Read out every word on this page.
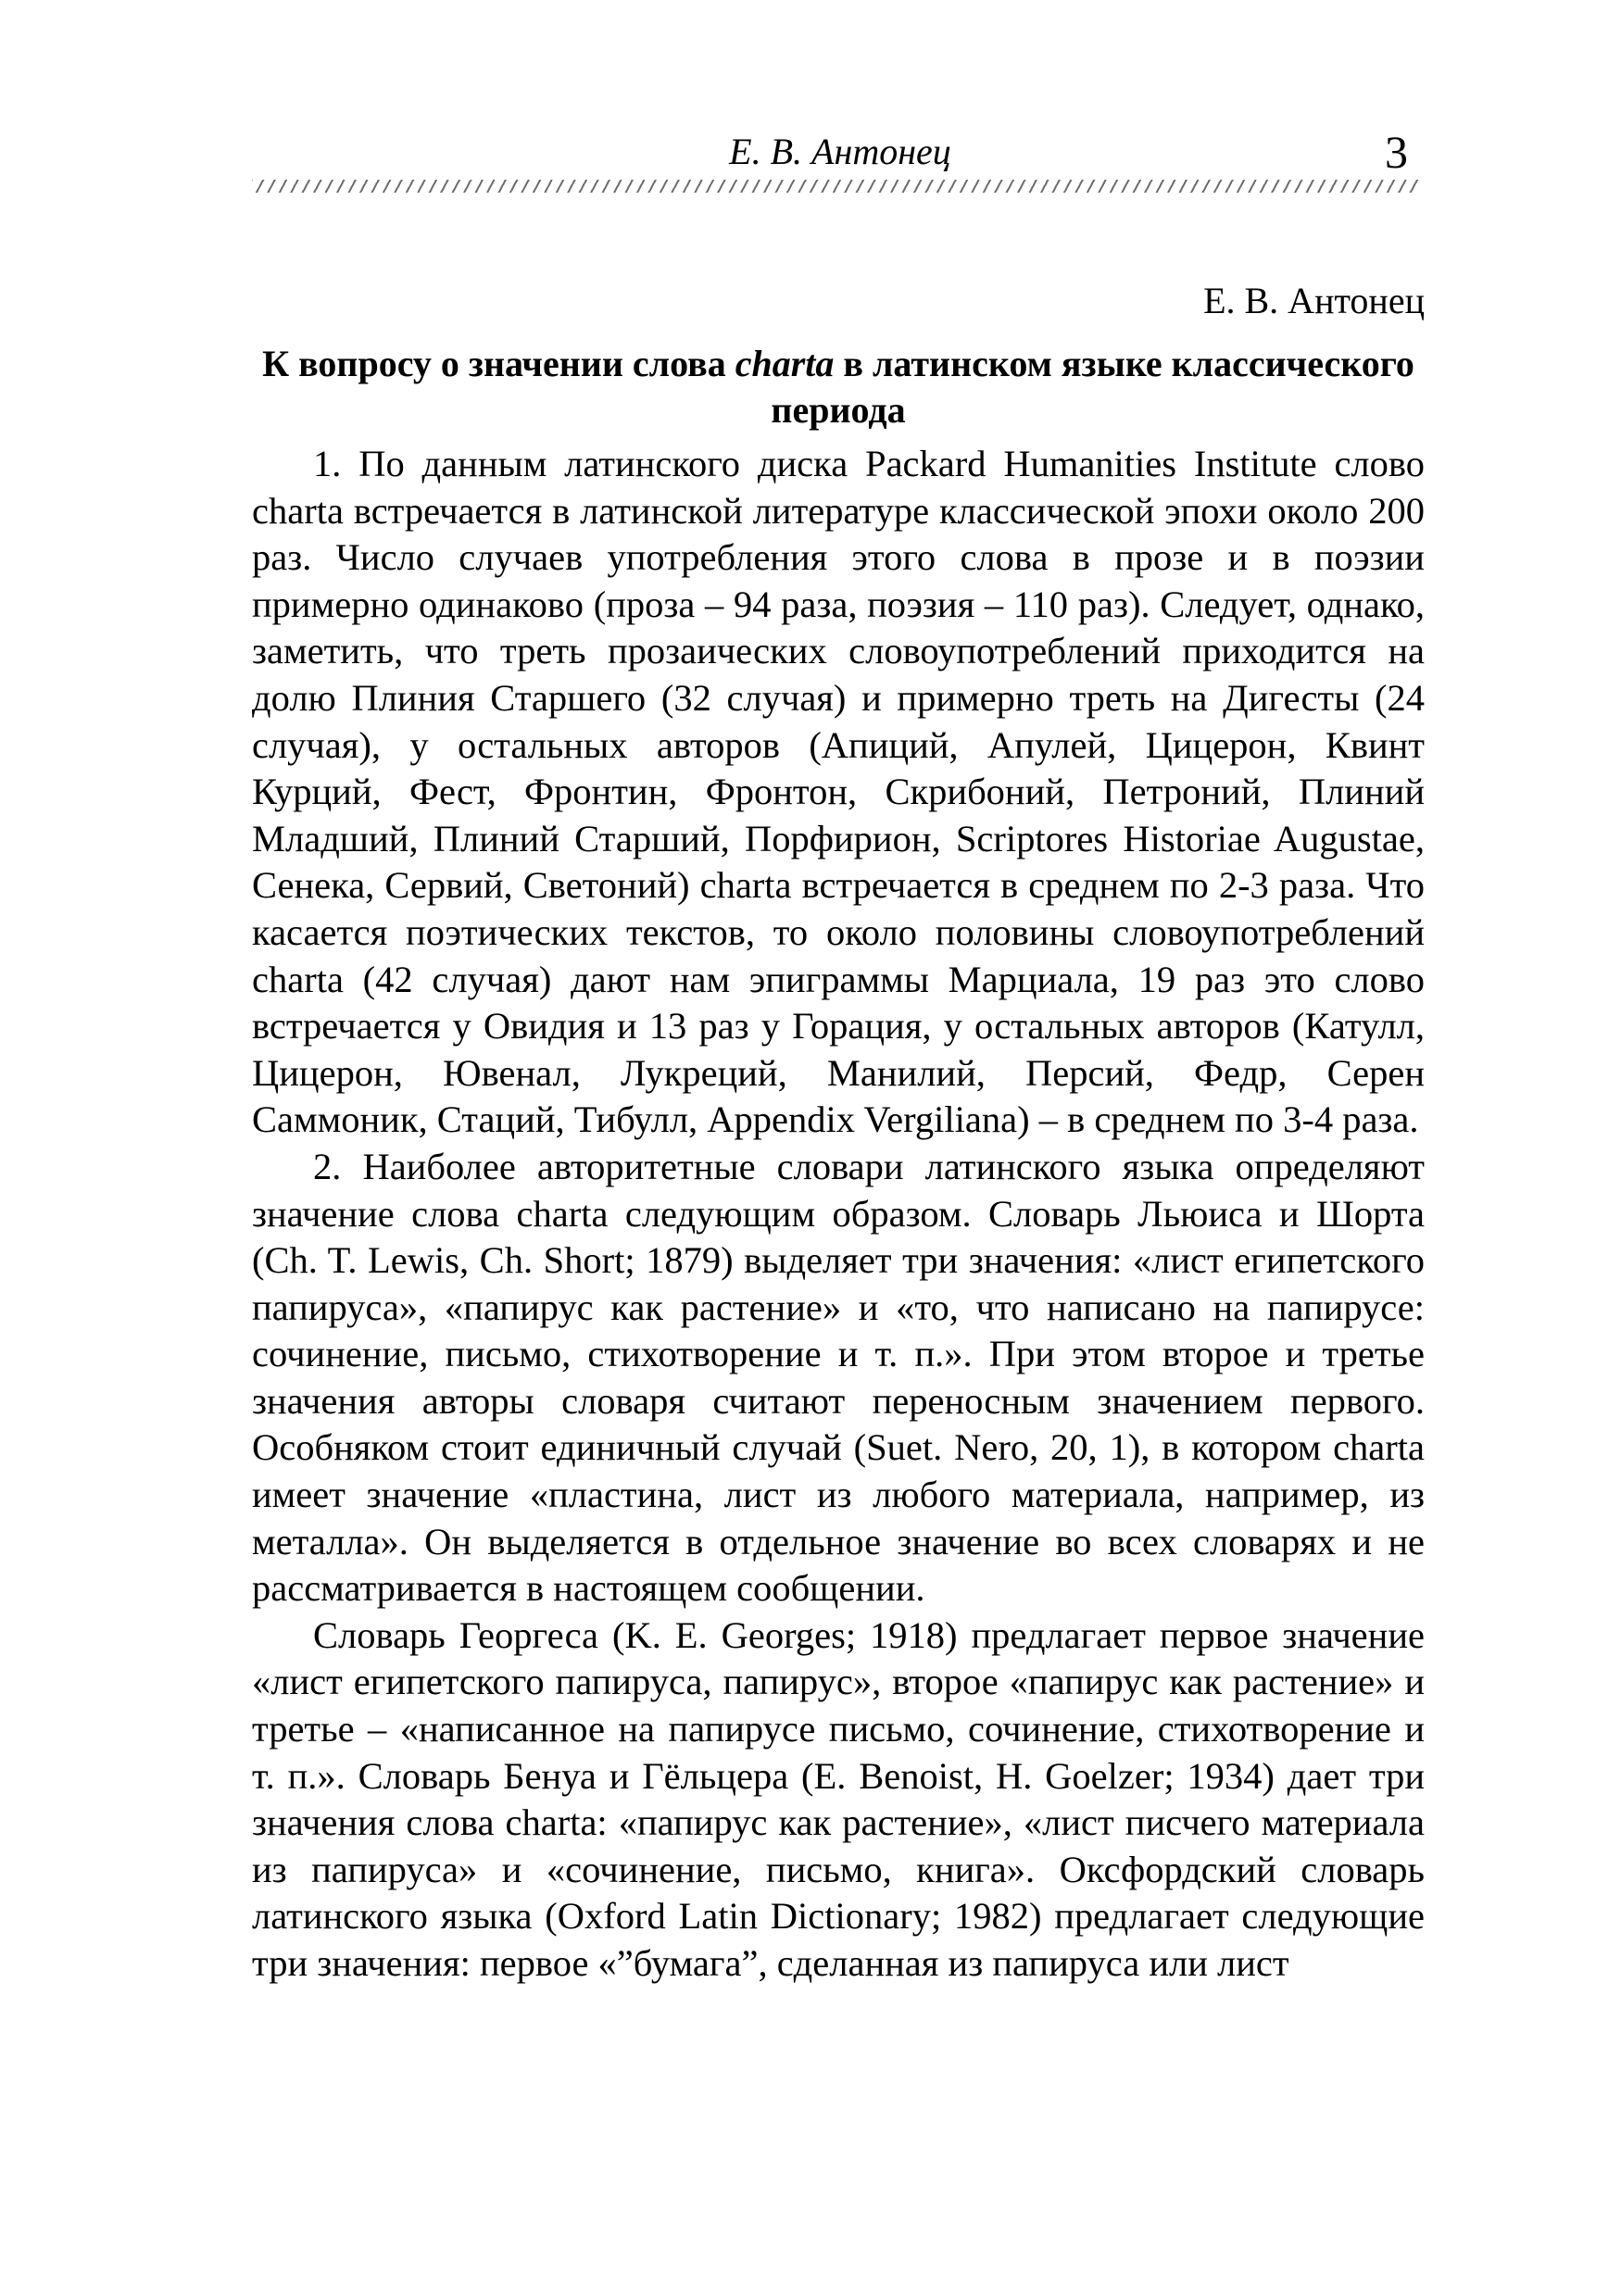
Е. В. Антонец	3

Е. В. Антонец

К вопросу о значении слова charta в латинском языке классического периода

1. По данным латинского диска Packard Humanities Institute слово charta встречается в латинской литературе классической эпохи около 200 раз. Число случаев употребления этого слова в прозе и в поэзии примерно одинаково (проза – 94 раза, поэзия – 110 раз). Следует, однако, заметить, что треть прозаических словоупотреблений приходится на долю Плиния Старшего (32 случая) и примерно треть на Дигесты (24 случая), у остальных авторов (Апиций, Апулей, Цицерон, Квинт Курций, Фест, Фронтин, Фронтон, Скрибоний, Петроний, Плиний Младший, Плиний Старший, Порфирион, Scriptores Historiae Augustae, Сенека, Сервий, Светоний) charta встречается в среднем по 2-3 раза. Что касается поэтических текстов, то около половины словоупотреблений charta (42 случая) дают нам эпиграммы Марциала, 19 раз это слово встречается у Овидия и 13 раз у Горация, у остальных авторов (Катулл, Цицерон, Ювенал, Лукреций, Манилий, Персий, Федр, Серен Саммоник, Стаций, Тибулл, Appendix Vergiliana) – в среднем по 3-4 раза.

2. Наиболее авторитетные словари латинского языка определяют значение слова charta следующим образом. Словарь Льюиса и Шорта (Ch. T. Lewis, Ch. Short; 1879) выделяет три значения: «лист египетского папируса», «папирус как растение» и «то, что написано на папирусе: сочинение, письмо, стихотворение и т. п.». При этом второе и третье значения авторы словаря считают переносным значением первого. Особняком стоит единичный случай (Suet. Nero, 20, 1), в котором charta имеет значение «пластина, лист из любого материала, например, из металла». Он выделяется в отдельное значение во всех словарях и не рассматривается в настоящем сообщении.

Словарь Георгеса (K. E. Georges; 1918) предлагает первое значение «лист египетского папируса, папирус», второе «папирус как растение» и третье – «написанное на папирусе письмо, сочинение, стихотворение и т. п.». Словарь Бенуа и Гёльцера (E. Benoist, H. Goelzer; 1934) дает три значения слова charta: «папирус как растение», «лист писчего материала из папируса» и «сочинение, письмо, книга». Оксфордский словарь латинского языка (Oxford Latin Dictionary; 1982) предлагает следующие три значения: первое «”бумага”, сделанная из папируса или лист
